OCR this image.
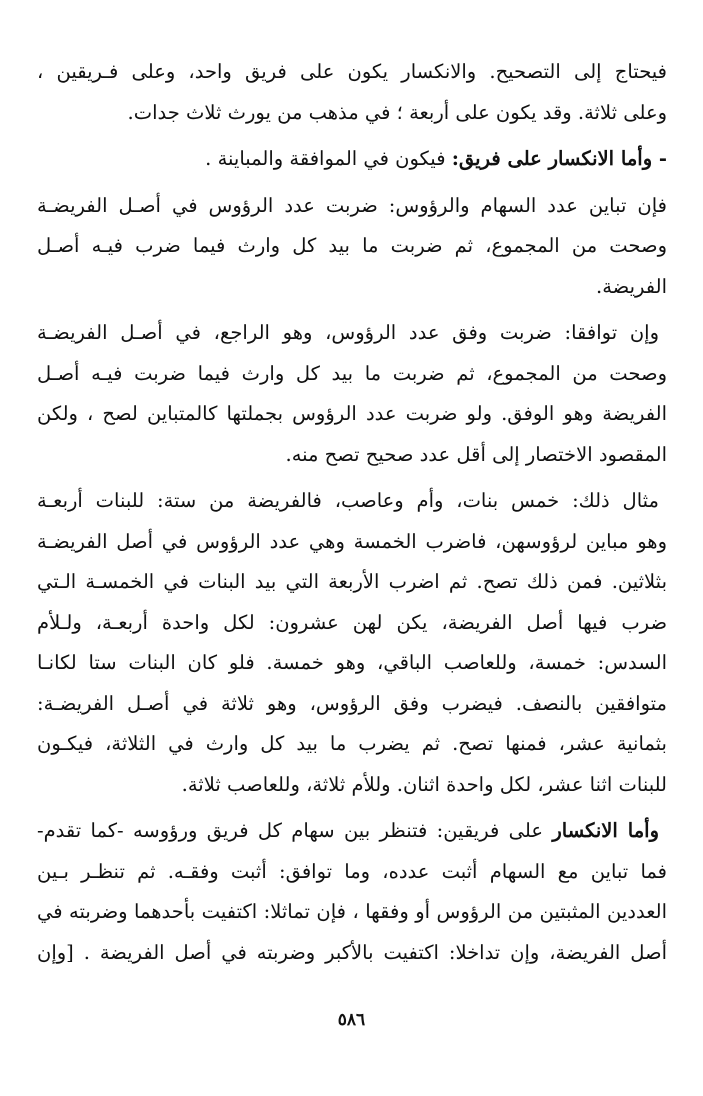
فيحتاج إلى التصحيح. والانكسار يكون على فريق واحد، وعلى فـريقين ،
وعلى ثلاثة. وقد يكون على أربعة ؛ في مذهب من يورث ثلاث جدات.
- وأما الانكسار على فريق: فيكون في الموافقة والمباينة .
فإن تباين عدد السهام والرؤوس: ضربت عدد الرؤوس في أصـل الفريضـة
وصحت من المجموع، ثم ضربت ما بيد كل وارث فيما ضرب فيـه أصـل
الفريضة.
وإن توافقا: ضربت وفق عدد الرؤوس، وهو الراجع، في أصـل الفريضـة
وصحت من المجموع، ثم ضربت ما بيد كل وارث فيما ضربت فيـه أصـل
الفريضة وهو الوفق. ولو ضربت عدد الرؤوس بجملتها كالمتباين لصح ، ولكن
المقصود الاختصار إلى أقل عدد صحيح تصح منه.
مثال ذلك: خمس بنات، وأم وعاصب، فالفريضة من ستة: للبنات أربعـة
وهو مباين لرؤوسهن، فاضرب الخمسة وهي عدد الرؤوس في أصل الفريضـة
بثلاثين. فمن ذلك تصح. ثم اضرب الأربعة التي بيد البنات في الخمسـة الـتي
ضرب فيها أصل الفريضة، يكن لهن عشرون: لكل واحدة أربعـة، ولـلأم
السدس: خمسة، وللعاصب الباقي، وهو خمسة. فلو كان البنات ستا لكانـا
متوافقين بالنصف. فيضرب وفق الرؤوس، وهو ثلاثة في أصـل الفريضـة:
بثمانية عشر، فمنها تصح. ثم يضرب ما بيد كل وارث في الثلاثة، فيكـون
للبنات اثنا عشر، لكل واحدة اثنان. وللأم ثلاثة، وللعاصب ثلاثة.
وأما الانكسار على فريقين: فتنظر بين سهام كل فريق ورؤوسه -كما تقدم-
فما تباين مع السهام أثبت عدده، وما توافق: أثبت وفقـه. ثم تنظـر بـين
العددين المثبتين من الرؤوس أو وفقها ، فإن تماثلا: اكتفيت بأحدهما وضربته في
أصل الفريضة، وإن تداخلا: اكتفيت بالأكبر وضربته في أصل الفريضة . [وإن
٥٨٦
